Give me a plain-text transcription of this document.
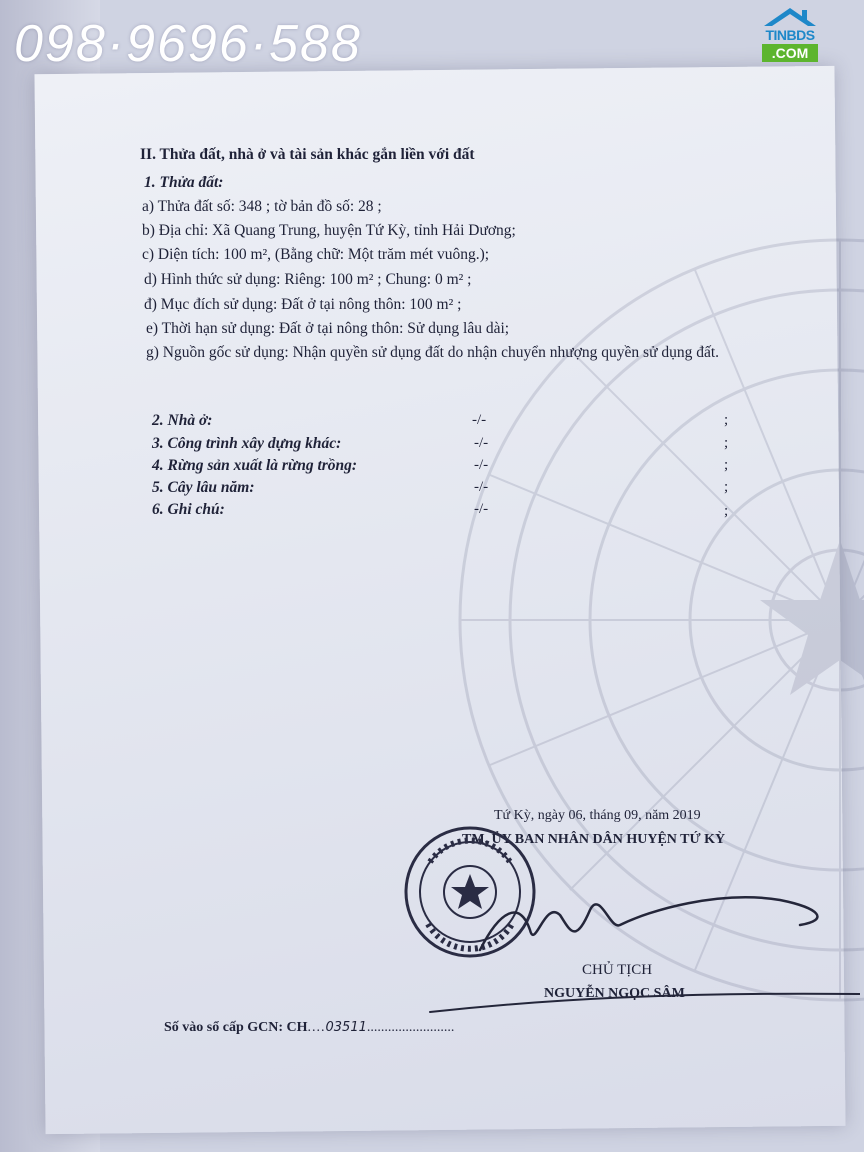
098·9696·588	TINBDS
.COM
II. Thửa đất, nhà ở và tài sản khác gắn liền với đất
1. Thửa đất:
a) Thửa đất số: 348 ; tờ bản đồ số: 28 ;
b) Địa chỉ: Xã Quang Trung, huyện Tứ Kỳ, tỉnh Hải Dương;
c) Diện tích: 100 m², (Bằng chữ: Một trăm mét vuông.);
d) Hình thức sử dụng: Riêng: 100 m² ; Chung: 0 m² ;
đ) Mục đích sử dụng: Đất ở tại nông thôn: 100 m² ;
e) Thời hạn sử dụng: Đất ở tại nông thôn: Sử dụng lâu dài;
g) Nguồn gốc sử dụng: Nhận quyền sử dụng đất do nhận chuyển nhượng quyền sử dụng đất.
2. Nhà ở:	-/-	;
3. Công trình xây dựng khác:	-/-	;
4. Rừng sản xuất là rừng trồng:	-/-	;
5. Cây lâu năm:	-/-	;
6. Ghi chú:	-/-	;
Tứ Kỳ, ngày 06, tháng 09, năm 2019
TM. ỦY BAN NHÂN DÂN HUYỆN TỨ KỲ
CHỦ TỊCH
NGUYỄN NGỌC SÂM
Số vào sổ cấp GCN: CH....03511.........................
